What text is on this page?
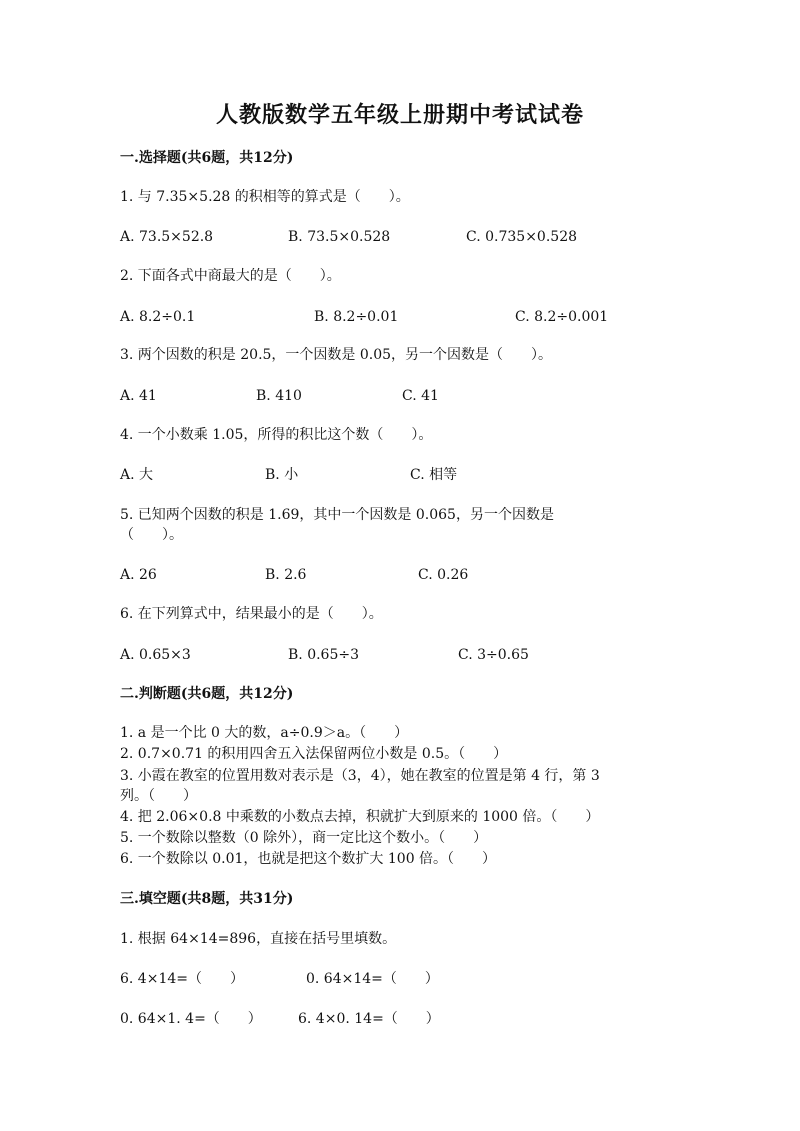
人教版数学五年级上册期中考试试卷
一.选择题(共6题，共12分)
1. 与 7.35×5.28 的积相等的算式是（　　）。
A. 73.5×52.8	B. 73.5×0.528	C. 0.735×0.528
2. 下面各式中商最大的是（　　）。
A. 8.2÷0.1	B. 8.2÷0.01	C. 8.2÷0.001
3. 两个因数的积是 20.5，一个因数是 0.05，另一个因数是（　　）。
A. 41	B. 410	C. 41
4. 一个小数乘 1.05，所得的积比这个数（　　）。
A. 大	B. 小	C. 相等
5. 已知两个因数的积是 1.69，其中一个因数是 0.065，另一个因数是
（　　）。
A. 26	B. 2.6	C. 0.26
6. 在下列算式中，结果最小的是（　　）。
A. 0.65×3	B. 0.65÷3	C. 3÷0.65
二.判断题(共6题，共12分)
1. a 是一个比 0 大的数，a÷0.9＞a。（　　）
2. 0.7×0.71 的积用四舍五入法保留两位小数是 0.5。（　　）
3. 小霞在教室的位置用数对表示是（3，4），她在教室的位置是第 4 行，第 3
列。（　　）
4. 把 2.06×0.8 中乘数的小数点去掉，积就扩大到原来的 1000 倍。（　　）
5. 一个数除以整数（0 除外），商一定比这个数小。（　　）
6. 一个数除以 0.01，也就是把这个数扩大 100 倍。（　　）
三.填空题(共8题，共31分)
1. 根据 64×14=896，直接在括号里填数。
6. 4×14=（　　）	0. 64×14=（　　）
0. 64×1. 4=（　　）	6. 4×0. 14=（　　）
